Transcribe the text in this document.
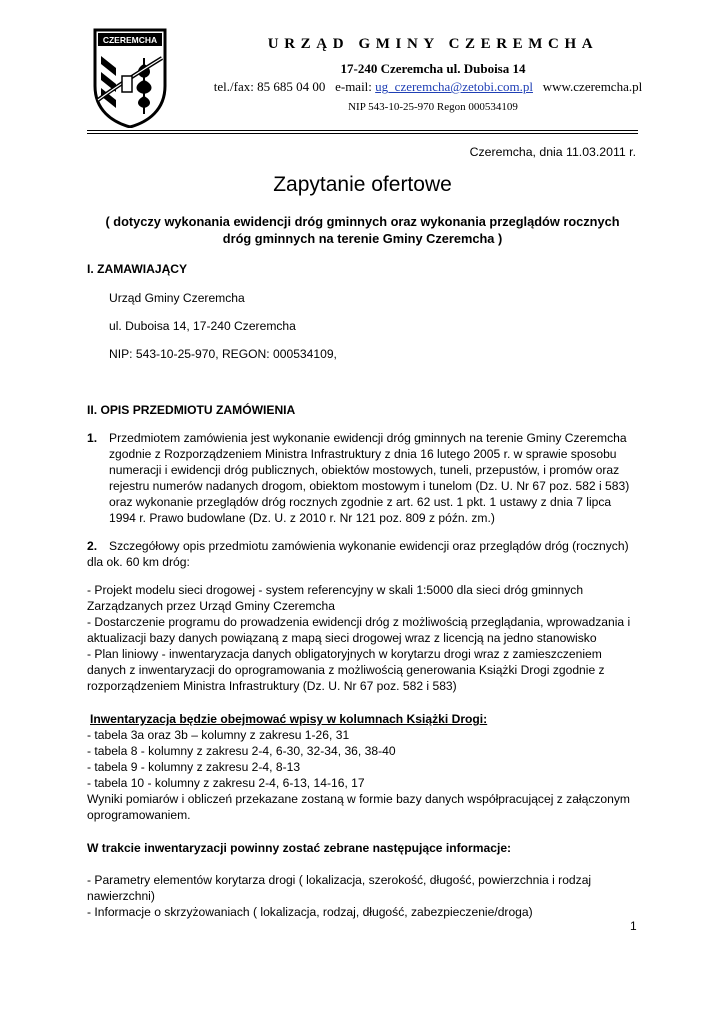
CZEREMCHA	URZĄD GMINY CZEREMCHA
17-240 Czeremcha ul. Duboisa 14
tel./fax: 85 685 04 00 e-mail: ug_czeremcha@zetobi.com.pl www.czeremcha.pl
NIP 543-10-25-970 Regon 000534109
Czeremcha, dnia 11.03.2011 r.
Zapytanie ofertowe
( dotyczy wykonania ewidencji dróg gminnych oraz wykonania przeglądów rocznych
dróg gminnych na terenie Gminy Czeremcha )
I. ZAMAWIAJĄCY
Urząd Gminy Czeremcha
ul. Duboisa 14, 17-240 Czeremcha
NIP: 543-10-25-970, REGON: 000534109,
II. OPIS PRZEDMIOTU ZAMÓWIENIA
1. Przedmiotem zamówienia jest wykonanie ewidencji dróg gminnych na terenie Gminy Czeremcha
zgodnie z Rozporządzeniem Ministra Infrastruktury z dnia 16 lutego 2005 r. w sprawie sposobu
numeracji i ewidencji dróg publicznych, obiektów mostowych, tuneli, przepustów, i promów oraz
rejestru numerów nadanych drogom, obiektom mostowym i tunelom (Dz. U. Nr 67 poz. 582 i 583)
oraz wykonanie przeglądów dróg rocznych zgodnie z art. 62 ust. 1 pkt. 1 ustawy z dnia 7 lipca
1994 r. Prawo budowlane (Dz. U. z 2010 r. Nr 121 poz. 809 z późn. zm.)
2. Szczegółowy opis przedmiotu zamówienia wykonanie ewidencji oraz przeglądów dróg (rocznych)
dla ok. 60 km dróg:
- Projekt modelu sieci drogowej - system referencyjny w skali 1:5000 dla sieci dróg gminnych
Zarządzanych przez Urząd Gminy Czeremcha
- Dostarczenie programu do prowadzenia ewidencji dróg z możliwością przeglądania, wprowadzania i
aktualizacji bazy danych powiązaną z mapą sieci drogowej wraz z licencją na jedno stanowisko
- Plan liniowy - inwentaryzacja danych obligatoryjnych w korytarzu drogi wraz z zamieszczeniem
danych z inwentaryzacji do oprogramowania z możliwością generowania Książki Drogi zgodnie z
rozporządzeniem Ministra Infrastruktury (Dz. U. Nr 67 poz. 582 i 583)
Inwentaryzacja będzie obejmować wpisy w kolumnach Książki Drogi:
- tabela 3a oraz 3b – kolumny z zakresu 1-26, 31
- tabela 8 - kolumny z zakresu 2-4, 6-30, 32-34, 36, 38-40
- tabela 9 - kolumny z zakresu 2-4, 8-13
- tabela 10 - kolumny z zakresu 2-4, 6-13, 14-16, 17
Wyniki pomiarów i obliczeń przekazane zostaną w formie bazy danych współpracującej z załączonym
oprogramowaniem.
W trakcie inwentaryzacji powinny zostać zebrane następujące informacje:
- Parametry elementów korytarza drogi ( lokalizacja, szerokość, długość, powierzchnia i rodzaj
nawierzchni)
- Informacje o skrzyżowaniach ( lokalizacja, rodzaj, długość, zabezpieczenie/droga)
1
